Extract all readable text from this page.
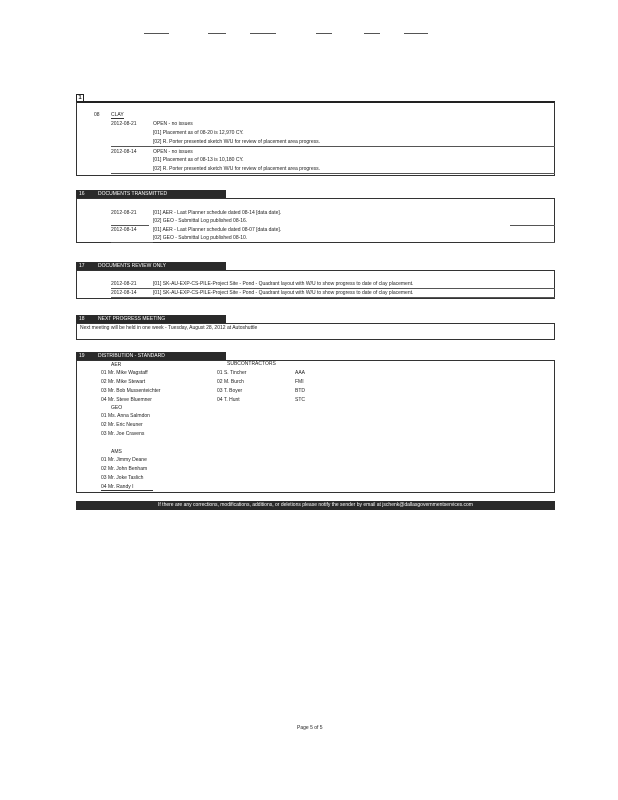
1
08 CLAY
2012-08-21	OPEN - no issues
[01] Placement as of 08-20 is 12,970 CY.
[02] R. Porter presented sketch W/U for review of placement area progress.
2012-08-14	OPEN - no issues
[01] Placement as of 08-13 is 10,180 CY.
[02] R. Porter presented sketch W/U for review of placement area progress.
16	DOCUMENTS TRANSMITTED
2012-08-21	[01] AER - Last Planner schedule dated 08-14 [data date].
[02] GEO - Submittal Log published 08-16.
2012-08-14	[01] AER - Last Planner schedule dated 08-07 [data date].
[02] GEO - Submittal Log published 08-10.
17	DOCUMENTS REVIEW ONLY
2012-08-21	[01] SK-AU-EXP-CS-PILE-Project Site - Pond - Quadrant layout with W/U to show progress to date of clay placement.
2012-08-14	[01] SK-AU-EXP-CS-PILE-Project Site - Pond - Quadrant layout with W/U to show progress to date of clay placement.
18	NEXT PROGRESS MEETING
Next meeting will be held in one week - Tuesday, August 28, 2012 at Autoshuttle
19	DISTRIBUTION - STANDARD
AER
01 Mr. Mike Wagstaff
02 Mr. Mike Stewart
03 Mr. Bob Mussenteichter
04 Mr. Steve Bluemner
GEO
01 Ms. Anna Salmdon
02 Mr. Eric Neuner
03 Mr. Joe Cravens
AMS
01 Mr. Jimmy Deane
02 Mr. John Benham
03 Mr. Joke Taslich
04 Mr. Randy I
SUBCONTRACTORS
01 S. Tincher	AAA
02 M. Burch	FMI
03 T. Boyer	BTD
04 T. Hunt	STC
If there are any corrections, modifications, additions, or deletions please notify the sender by email at jschenk@dallasgovernmentservices.com
Page 5 of 5
